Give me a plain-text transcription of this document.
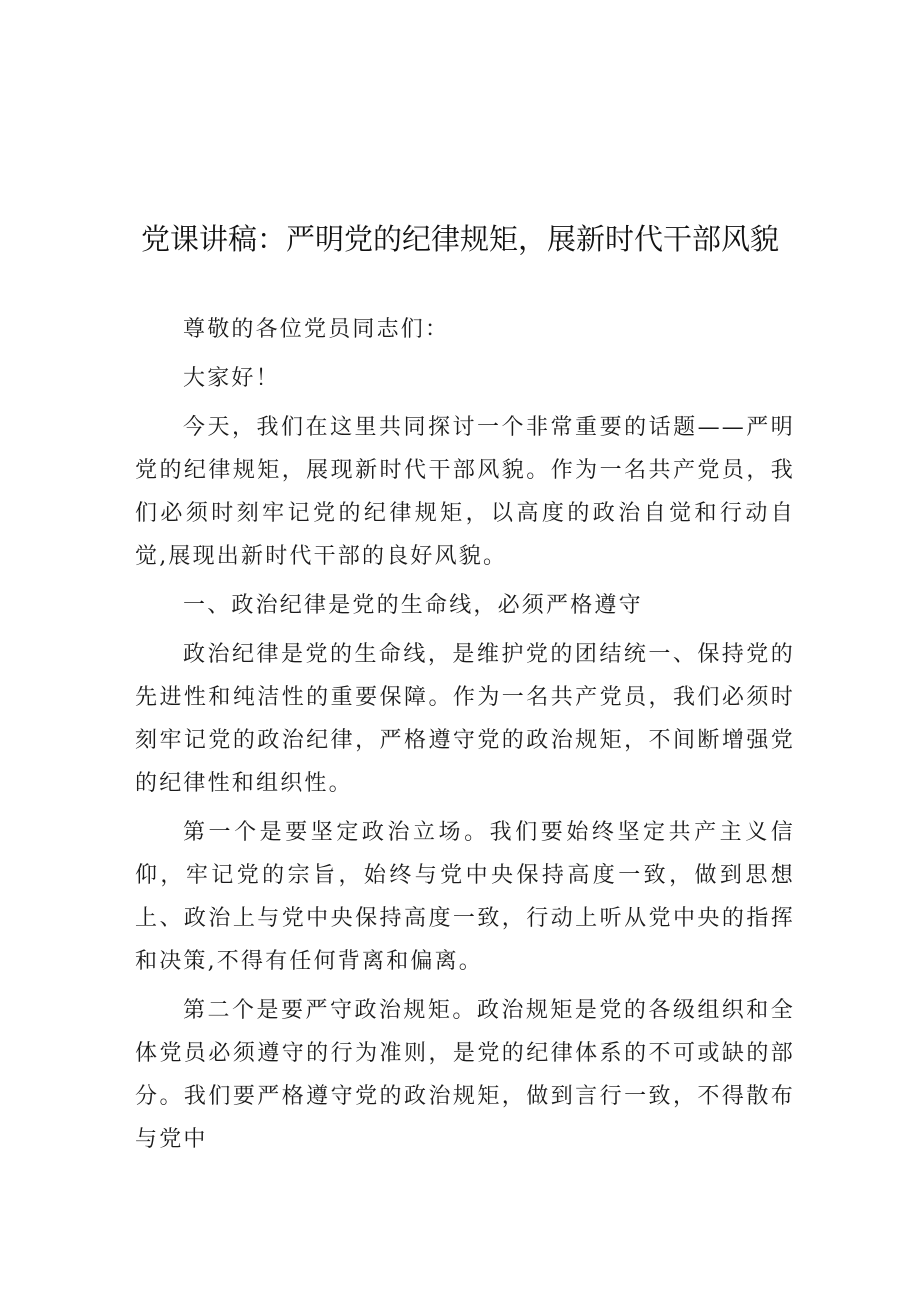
党课讲稿：严明党的纪律规矩，展新时代干部风貌

尊敬的各位党员同志们：

大家好！

今天，我们在这里共同探讨一个非常重要的话题——严明党的纪律规矩，展现新时代干部风貌。作为一名共产党员，我们必须时刻牢记党的纪律规矩，以高度的政治自觉和行动自觉,展现出新时代干部的良好风貌。

一、政治纪律是党的生命线，必须严格遵守

政治纪律是党的生命线，是维护党的团结统一、保持党的先进性和纯洁性的重要保障。作为一名共产党员，我们必须时刻牢记党的政治纪律，严格遵守党的政治规矩，不间断增强党的纪律性和组织性。

第一个是要坚定政治立场。我们要始终坚定共产主义信仰，牢记党的宗旨，始终与党中央保持高度一致，做到思想上、政治上与党中央保持高度一致，行动上听从党中央的指挥和决策,不得有任何背离和偏离。

第二个是要严守政治规矩。政治规矩是党的各级组织和全体党员必须遵守的行为准则，是党的纪律体系的不可或缺的部分。我们要严格遵守党的政治规矩，做到言行一致，不得散布与党中
